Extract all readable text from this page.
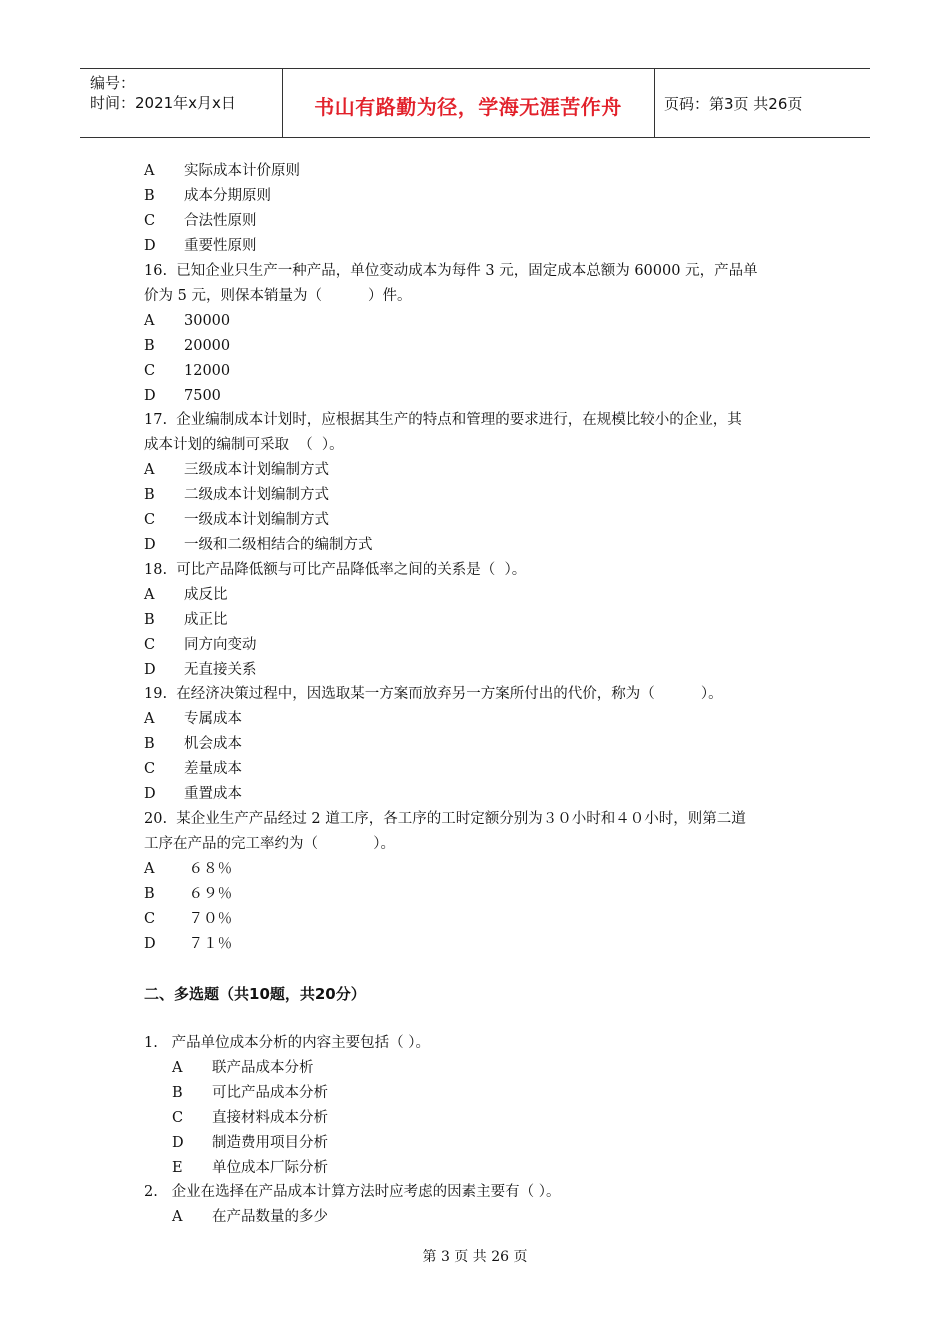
编号：
时间：2021年x月x日	书山有路勤为径，学海无涯苦作舟	页码：第3页 共26页
A 实际成本计价原则
B 成本分期原则
C 合法性原则
D 重要性原则
16.  已知企业只生产一种产品，单位变动成本为每件 3 元，固定成本总额为 60000 元，产品单
价为 5 元，则保本销量为（          ）件。
A 30000
B 20000
C 12000
D 7500
17.  企业编制成本计划时，应根据其生产的特点和管理的要求进行，在规模比较小的企业，其
成本计划的编制可采取  （  ）。
A 三级成本计划编制方式
B 二级成本计划编制方式
C 一级成本计划编制方式
D 一级和二级相结合的编制方式
18.  可比产品降低额与可比产品降低率之间的关系是（  ）。
A 成反比
B 成正比
C 同方向变动
D 无直接关系
19.  在经济决策过程中，因选取某一方案而放弃另一方案所付出的代价，称为（          ）。
A 专属成本
B 机会成本
C 差量成本
D 重置成本
20.  某企业生产产品经过 2 道工序，各工序的工时定额分别为３０小时和４０小时，则第二道
工序在产品的完工率约为（            ）。
A ６８％
B ６９％
C ７０％
D ７１％
二、多选题（共10题，共20分）
1.   产品单位成本分析的内容主要包括（ ）。
A 联产品成本分析
B 可比产品成本分析
C 直接材料成本分析
D 制造费用项目分析
E 单位成本厂际分析
2.   企业在选择在产品成本计算方法时应考虑的因素主要有（ ）。
A 在产品数量的多少
第 3 页 共 26 页
